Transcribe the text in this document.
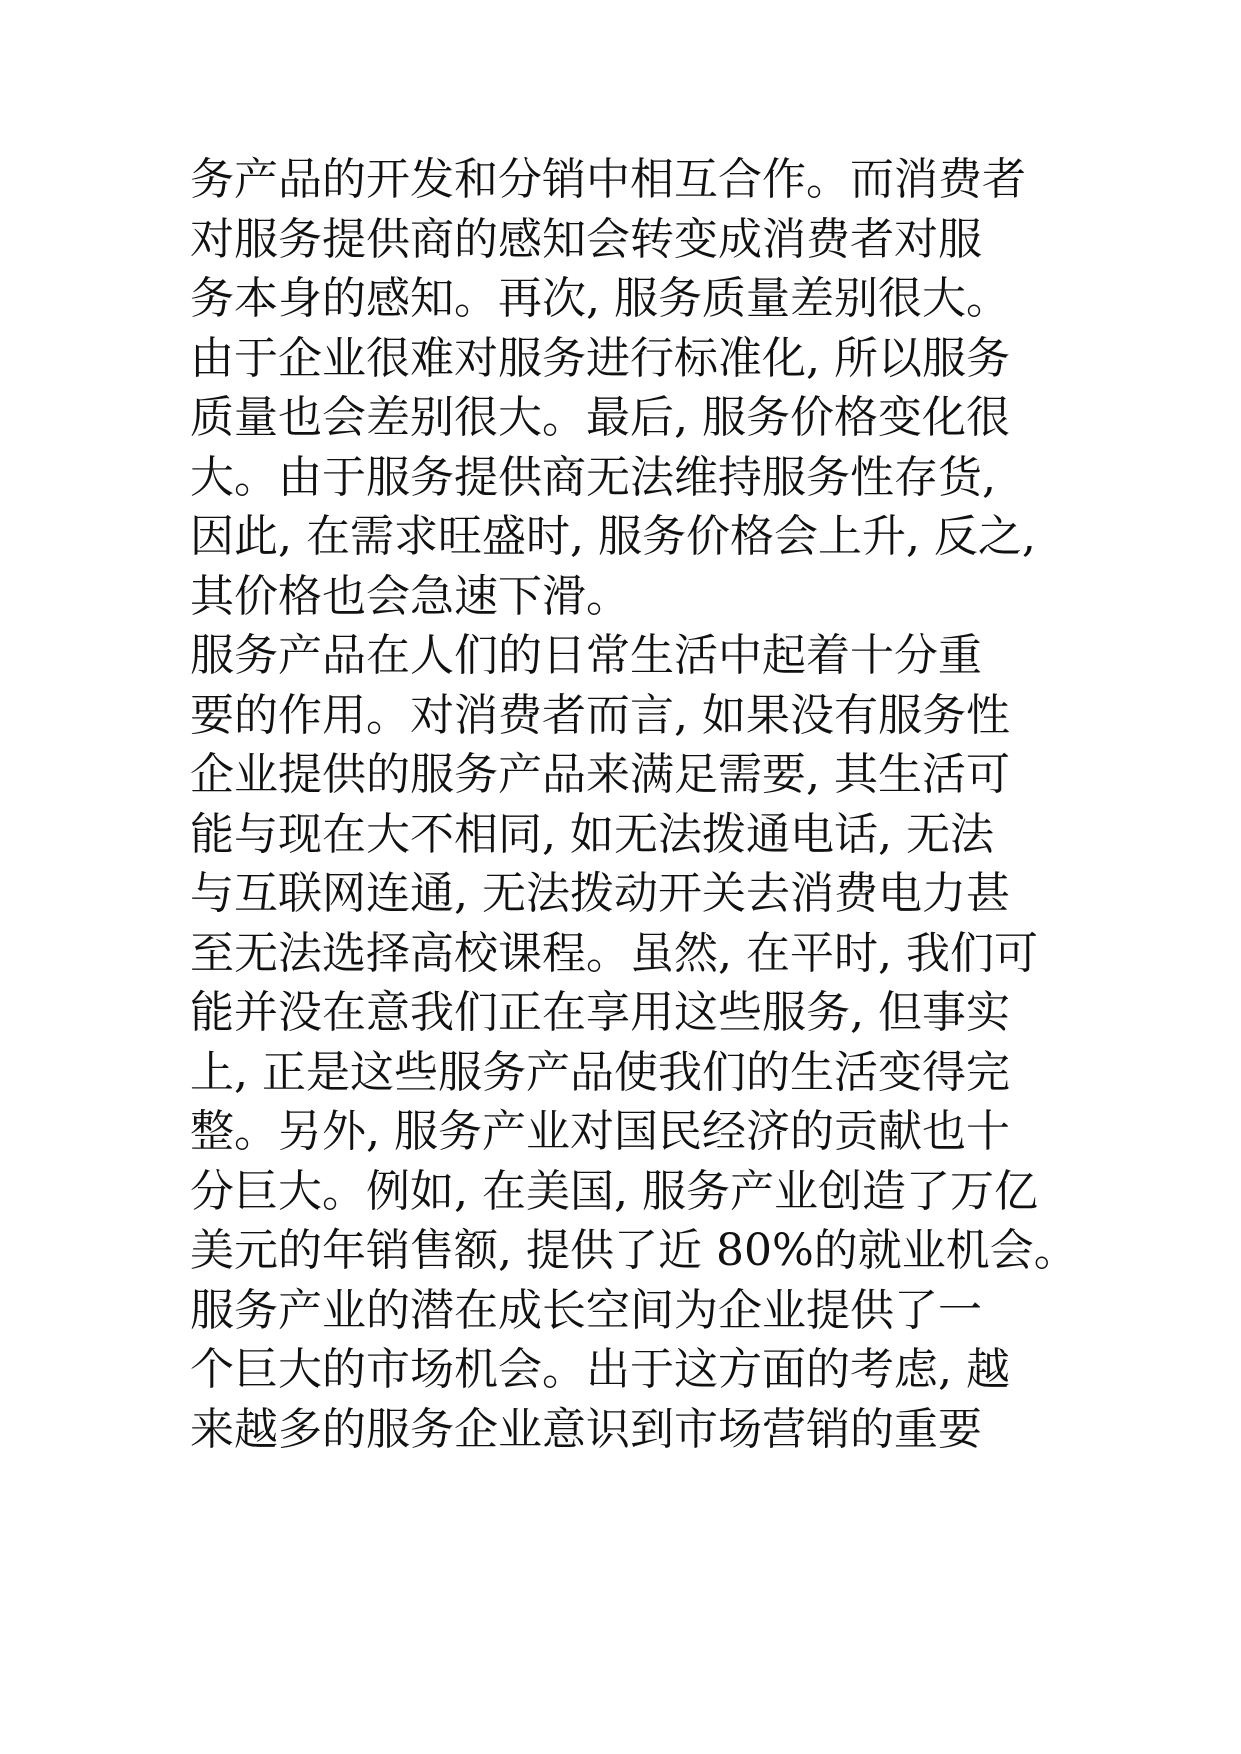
务产品的开发和分销中相互合作。而消费者
对服务提供商的感知会转变成消费者对服
务本身的感知。再次, 服务质量差别很大。
由于企业很难对服务进行标准化, 所以服务
质量也会差别很大。最后, 服务价格变化很
大。由于服务提供商无法维持服务性存货,
因此, 在需求旺盛时, 服务价格会上升, 反之,
其价格也会急速下滑。
服务产品在人们的日常生活中起着十分重
要的作用。对消费者而言, 如果没有服务性
企业提供的服务产品来满足需要, 其生活可
能与现在大不相同, 如无法拨通电话, 无法
与互联网连通, 无法拨动开关去消费电力甚
至无法选择高校课程。虽然, 在平时, 我们可
能并没在意我们正在享用这些服务, 但事实
上, 正是这些服务产品使我们的生活变得完
整。另外, 服务产业对国民经济的贡献也十
分巨大。例如, 在美国, 服务产业创造了万亿
美元的年销售额, 提供了近 80%的就业机会。
服务产业的潜在成长空间为企业提供了一
个巨大的市场机会。出于这方面的考虑, 越
来越多的服务企业意识到市场营销的重要
